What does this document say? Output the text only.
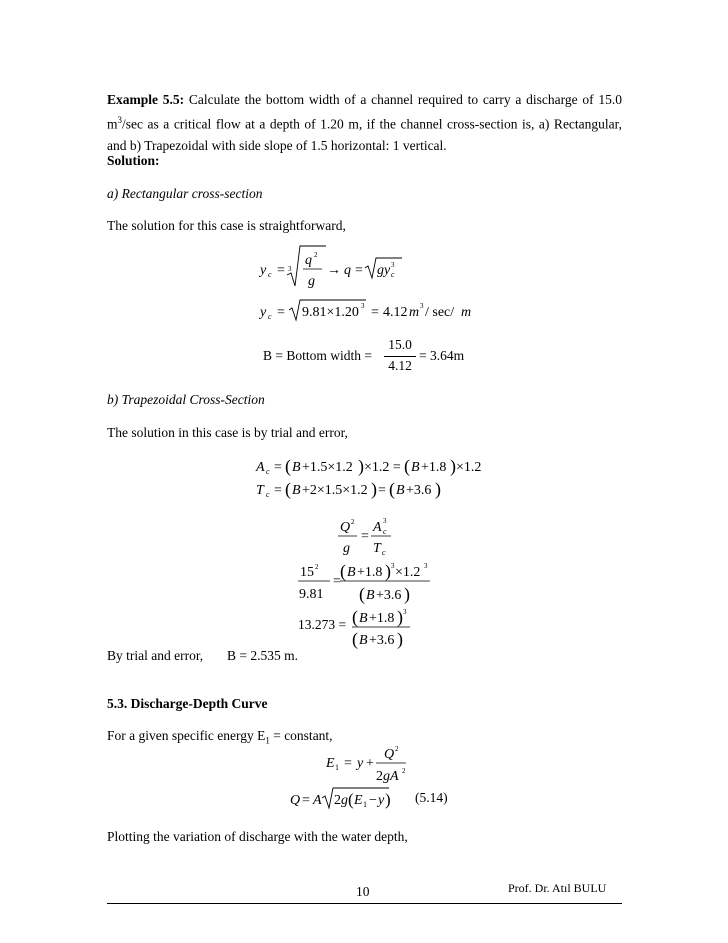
Example 5.5: Calculate the bottom width of a channel required to carry a discharge of 15.0 $m^3/\sec$ as a critical flow at a depth of 1.20 m, if the channel cross-section is, a) Rectangular, and b) Trapezoidal with side slope of 1.5 horizontal: 1 vertical.
Solution:
a) Rectangular cross-section
The solution for this case is straightforward,
y c = 3
q 2
g
→ q = gy c
3
y c = 9.81×1.20 3 = 4.12 m 3 / sec/ m
B = Bottom width =
15.0
4.12
= 3.64m
b) Trapezoidal Cross-Section
The solution in this case is by trial and error,
A c = ( B +1.5×1.2 ) ×1.2 = ( B +1.8 ) ×1.2
T c = ( B +2×1.5×1.2 ) = ( B +3.6 )
Q 2
g
=
A c
3
T c
15 2
9.81
=
( B +1.8 ) 3 ×1.2 3
( B +3.6 )
13.273 = ( B +1.8 ) 3
( B +3.6 )
By trial and error, B = 2.535 m.
5.3. Discharge-Depth Curve
For a given specific energy $E_1$ = constant,
E 1 = y +
Q 2
2 gA 2
Q = A 2 g ( E 1 − y ) (5.14)
Plotting the variation of discharge with the water depth,
10	Prof. Dr. Atıl BULU
